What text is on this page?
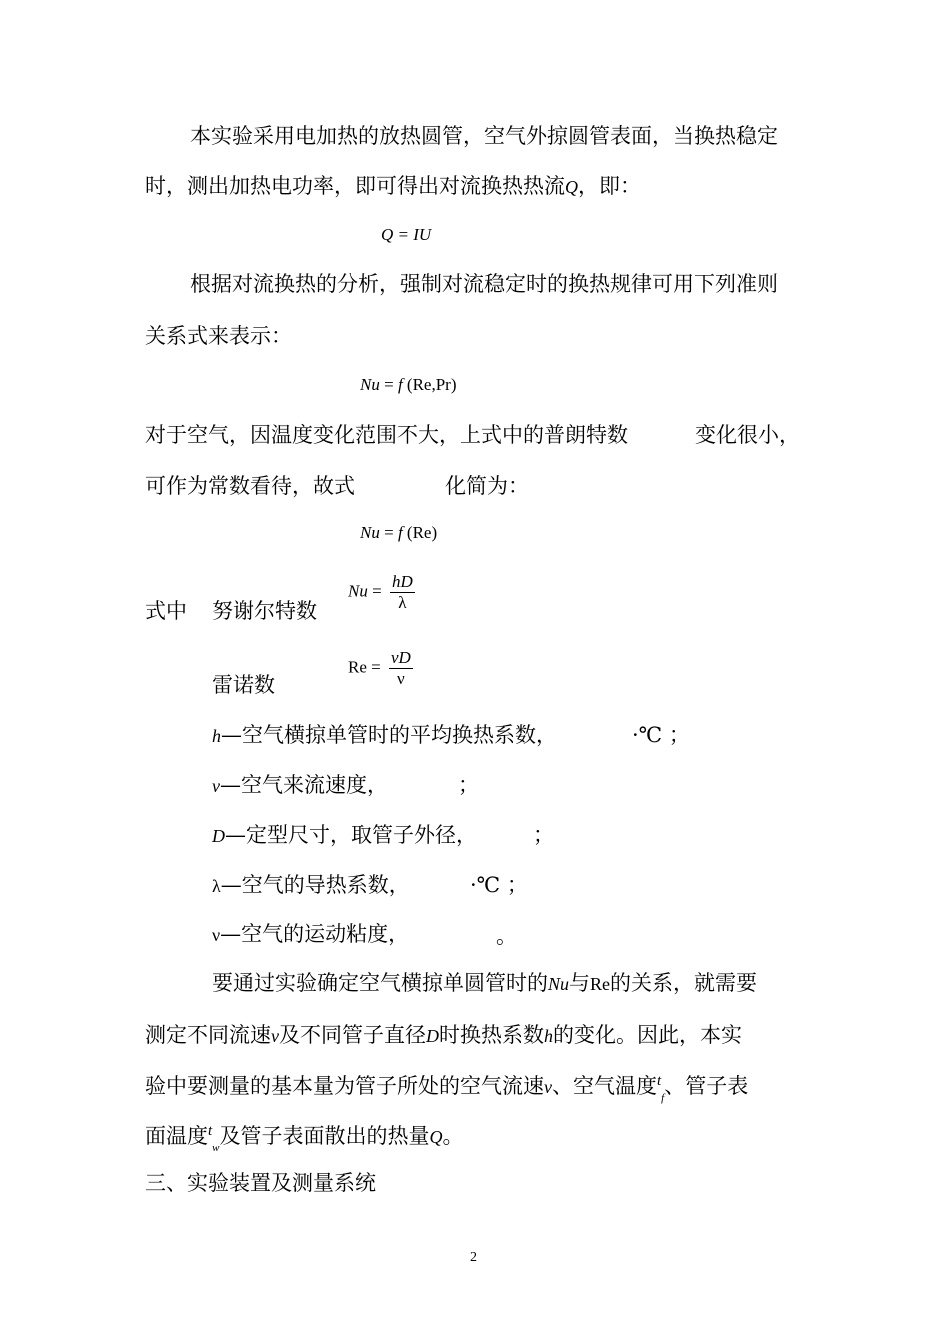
本实验采用电加热的放热圆管，空气外掠圆管表面，当换热稳定
时，测出加热电功率，即可得出对流换热热流Q，即：
Q = IU
根据对流换热的分析，强制对流稳定时的换热规律可用下列准则
关系式来表示：
Nu = f (Re,Pr)
对于空气，因温度变化范围不大，上式中的普朗特数	变化很小，
可作为常数看待，故式	化简为：
Nu = f (Re)
式中 努谢尔特数
$Nu = \frac{hD}{\lambda}$
雷诺数
$Re = \frac{vD}{\nu}$
h—空气横掠单管时的平均换热系数，	·℃ ；
v—空气来流速度，	；
D—定型尺寸，取管子外径，	；
λ—空气的导热系数，	·℃ ；
ν—空气的运动粘度，	。
要通过实验确定空气横掠单圆管时的Nu与Re的关系，就需要
测定不同流速v及不同管子直径D时换热系数h的变化。因此，本实
验中要测量的基本量为管子所处的空气流速v、空气温度$^t_f$、管子表
面温度$^t_w$及管子表面散出的热量Q。
三、实验装置及测量系统
2
